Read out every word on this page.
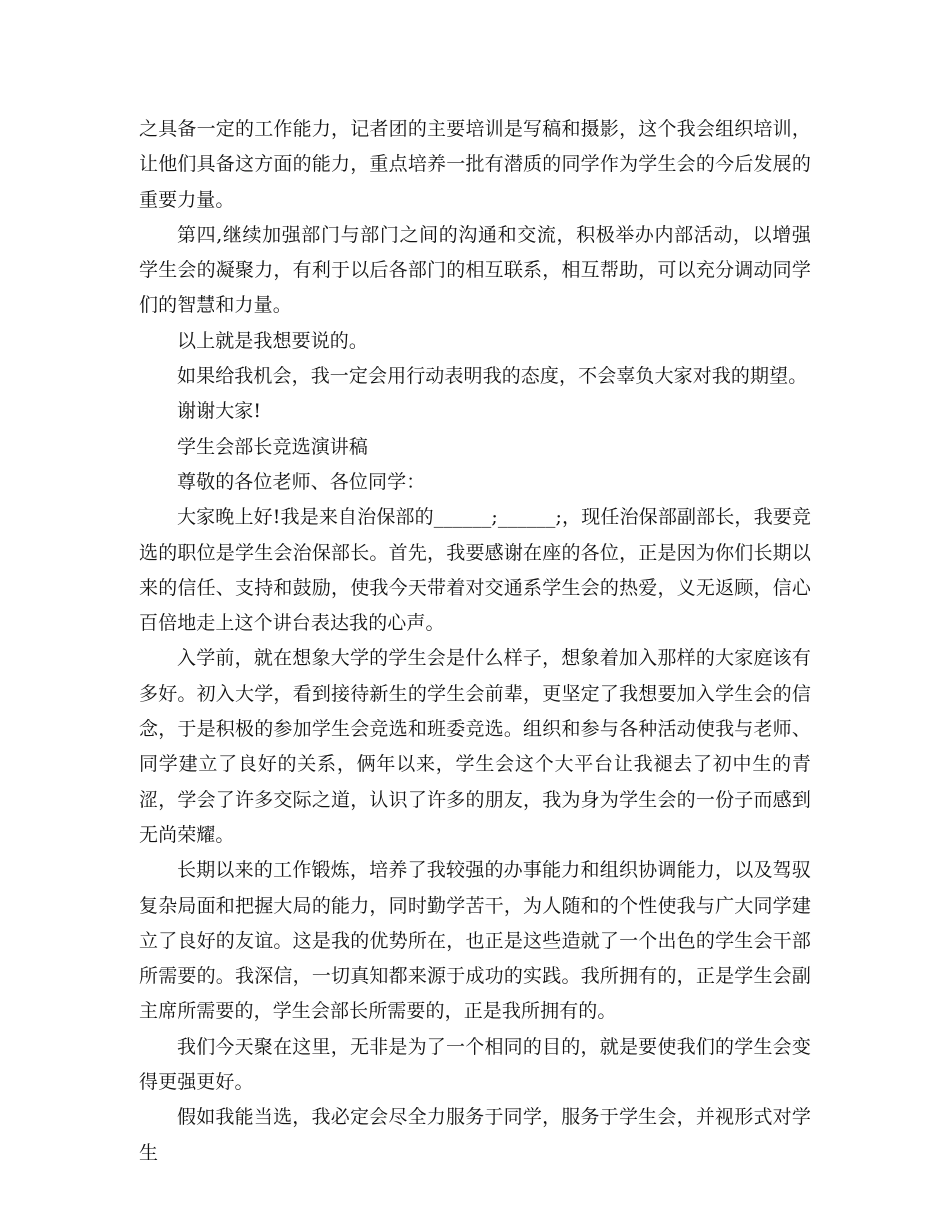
之具备一定的工作能力，记者团的主要培训是写稿和摄影，这个我会组织培训，让他们具备这方面的能力，重点培养一批有潜质的同学作为学生会的今后发展的重要力量。

第四,继续加强部门与部门之间的沟通和交流，积极举办内部活动，以增强学生会的凝聚力，有利于以后各部门的相互联系，相互帮助，可以充分调动同学们的智慧和力量。

以上就是我想要说的。

如果给我机会，我一定会用行动表明我的态度，不会辜负大家对我的期望。

谢谢大家!

学生会部长竞选演讲稿

尊敬的各位老师、各位同学：

大家晚上好!我是来自治保部的______;______;，现任治保部副部长，我要竞选的职位是学生会治保部长。首先，我要感谢在座的各位，正是因为你们长期以来的信任、支持和鼓励，使我今天带着对交通系学生会的热爱，义无返顾，信心百倍地走上这个讲台表达我的心声。

入学前，就在想象大学的学生会是什么样子，想象着加入那样的大家庭该有多好。初入大学，看到接待新生的学生会前辈，更坚定了我想要加入学生会的信念，于是积极的参加学生会竞选和班委竞选。组织和参与各种活动使我与老师、同学建立了良好的关系，俩年以来，学生会这个大平台让我褪去了初中生的青涩，学会了许多交际之道，认识了许多的朋友，我为身为学生会的一份子而感到无尚荣耀。

长期以来的工作锻炼，培养了我较强的办事能力和组织协调能力，以及驾驭复杂局面和把握大局的能力，同时勤学苦干，为人随和的个性使我与广大同学建立了良好的友谊。这是我的优势所在，也正是这些造就了一个出色的学生会干部所需要的。我深信，一切真知都来源于成功的实践。我所拥有的，正是学生会副主席所需要的，学生会部长所需要的，正是我所拥有的。

我们今天聚在这里，无非是为了一个相同的目的，就是要使我们的学生会变得更强更好。

假如我能当选，我必定会尽全力服务于同学，服务于学生会，并视形式对学生
